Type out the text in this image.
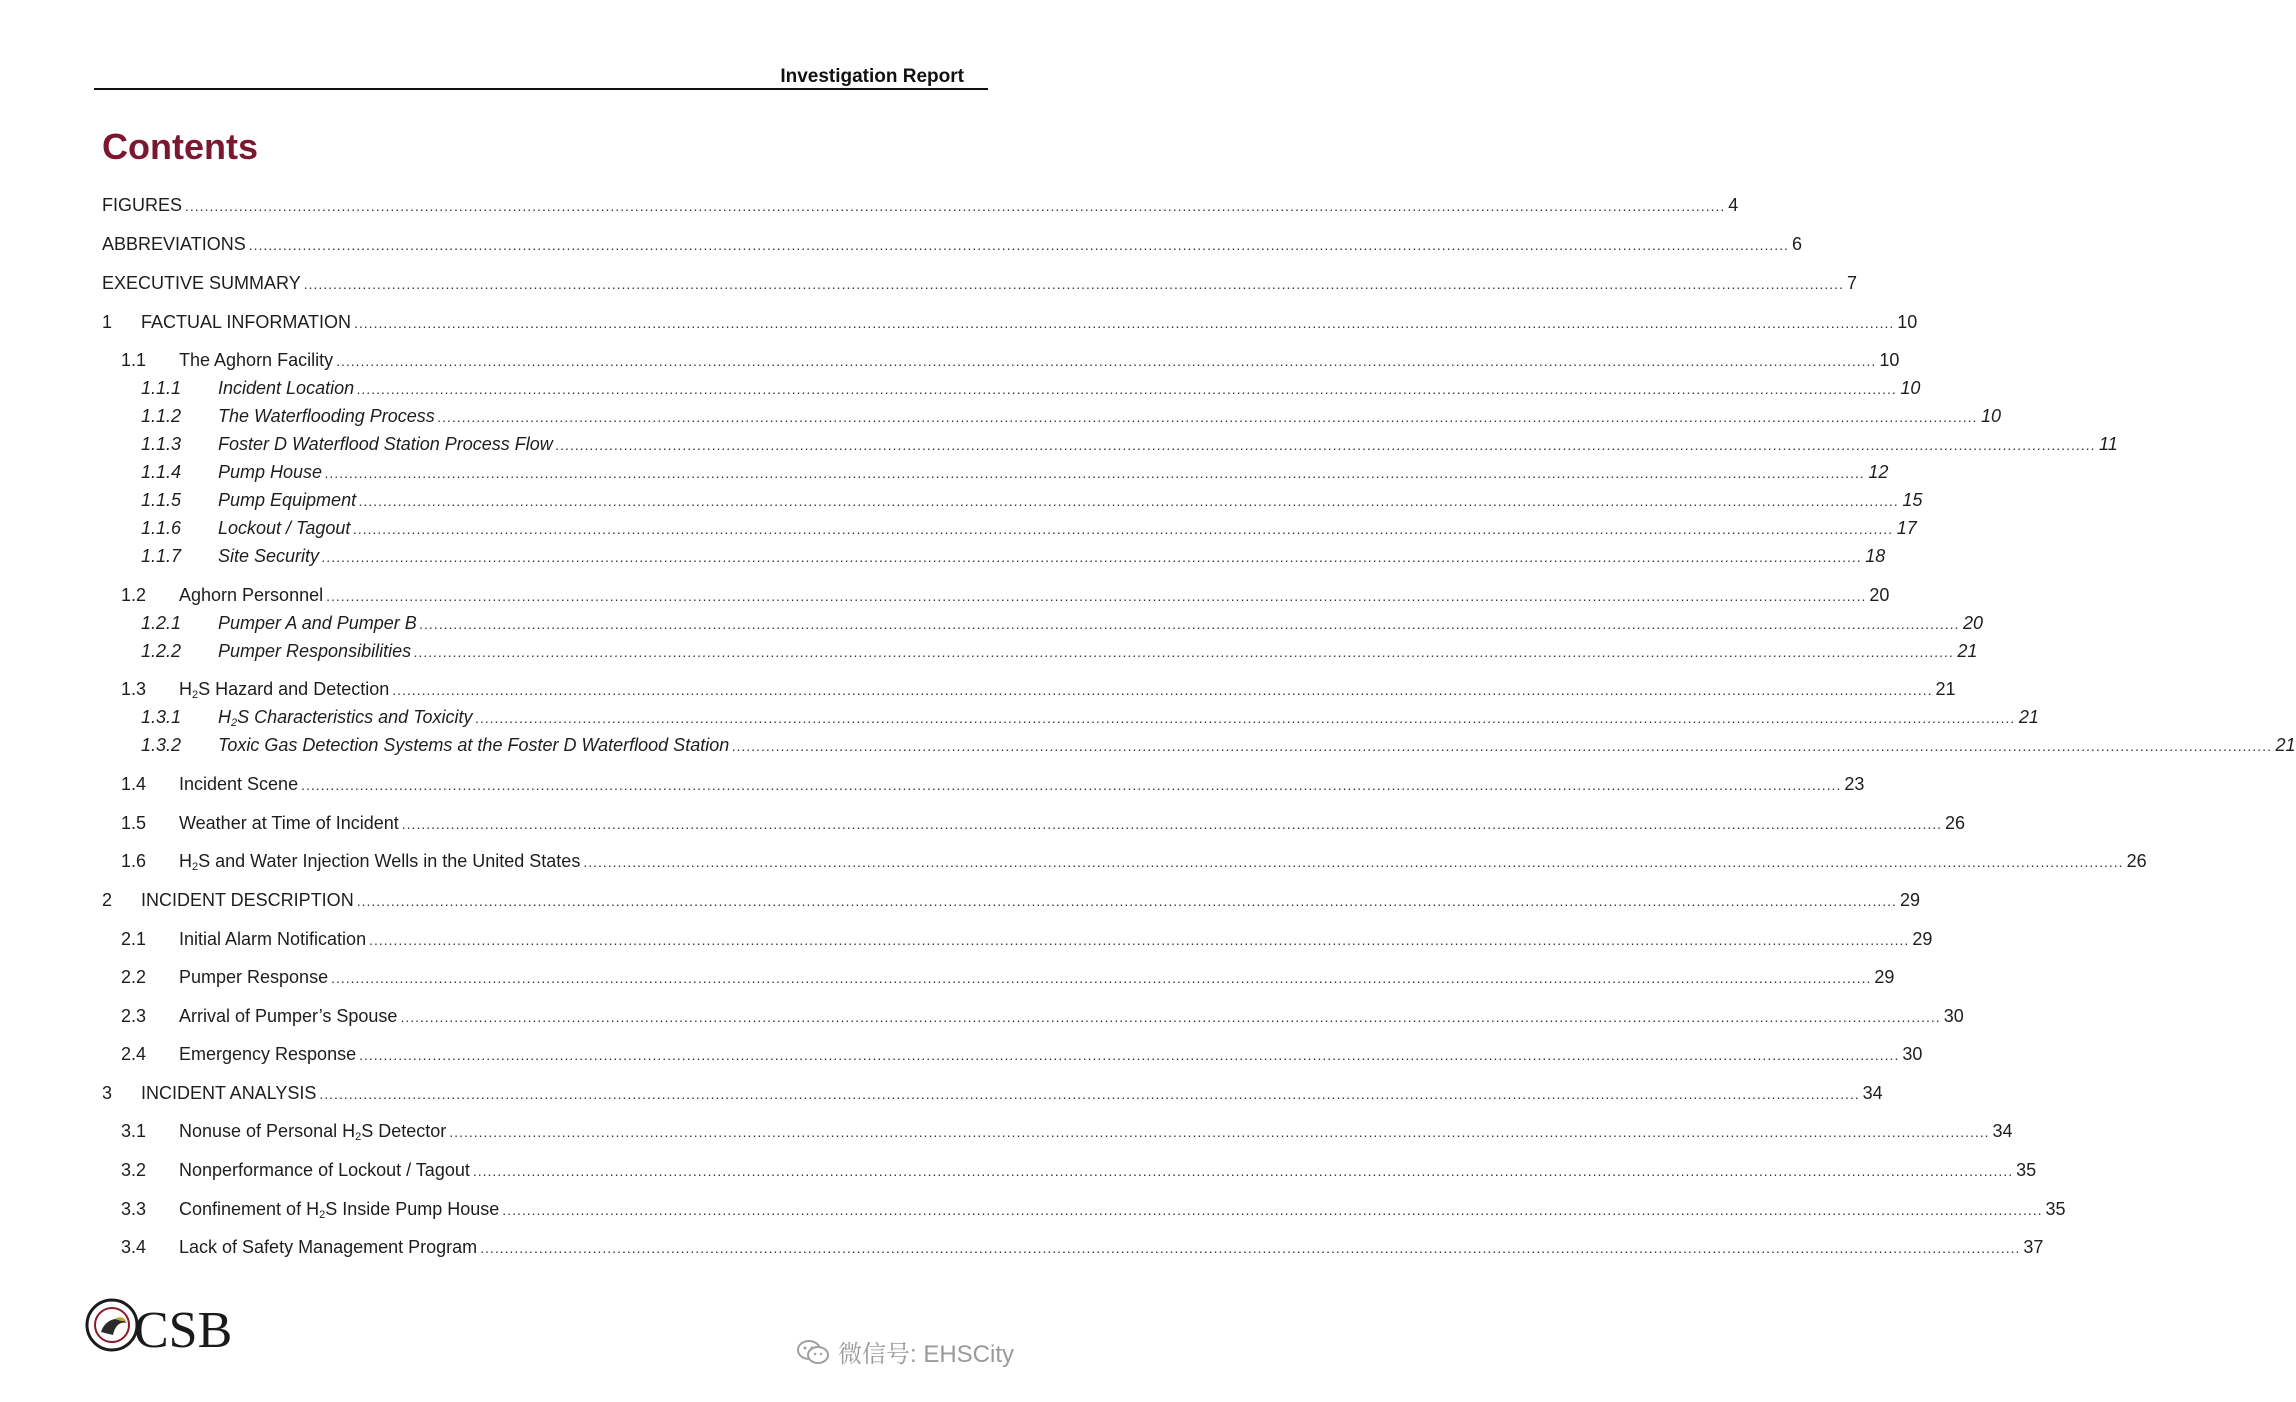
Investigation Report
Contents
FIGURES .....	4
ABBREVIATIONS .....	6
EXECUTIVE SUMMARY .....	7
1	FACTUAL INFORMATION .....	10
1.1	The Aghorn Facility .....	10
1.1.1	Incident Location .....	10
1.1.2	The Waterflooding Process .....	10
1.1.3	Foster D Waterflood Station Process Flow .....	11
1.1.4	Pump House .....	12
1.1.5	Pump Equipment .....	15
1.1.6	Lockout / Tagout .....	17
1.1.7	Site Security .....	18
1.2	Aghorn Personnel .....	20
1.2.1	Pumper A and Pumper B .....	20
1.2.2	Pumper Responsibilities .....	21
1.3	$H_2S$ Hazard and Detection .....	21
1.3.1	$H_2S$ Characteristics and Toxicity .....	21
1.3.2	Toxic Gas Detection Systems at the Foster D Waterflood Station .....	21
1.4	Incident Scene .....	23
1.5	Weather at Time of Incident .....	26
1.6	$H_2S$ and Water Injection Wells in the United States .....	26
2	INCIDENT DESCRIPTION .....	29
2.1	Initial Alarm Notification .....	29
2.2	Pumper Response .....	29
2.3	Arrival of Pumper’s Spouse .....	30
2.4	Emergency Response .....	30
3	INCIDENT ANALYSIS .....	34
3.1	Nonuse of Personal $H_2S$ Detector .....	34
3.2	Nonperformance of Lockout / Tagout .....	35
3.3	Confinement of $H_2S$ Inside Pump House .....	35
3.4	Lack of Safety Management Program .....	37
CSB	微信号: EHSCity
